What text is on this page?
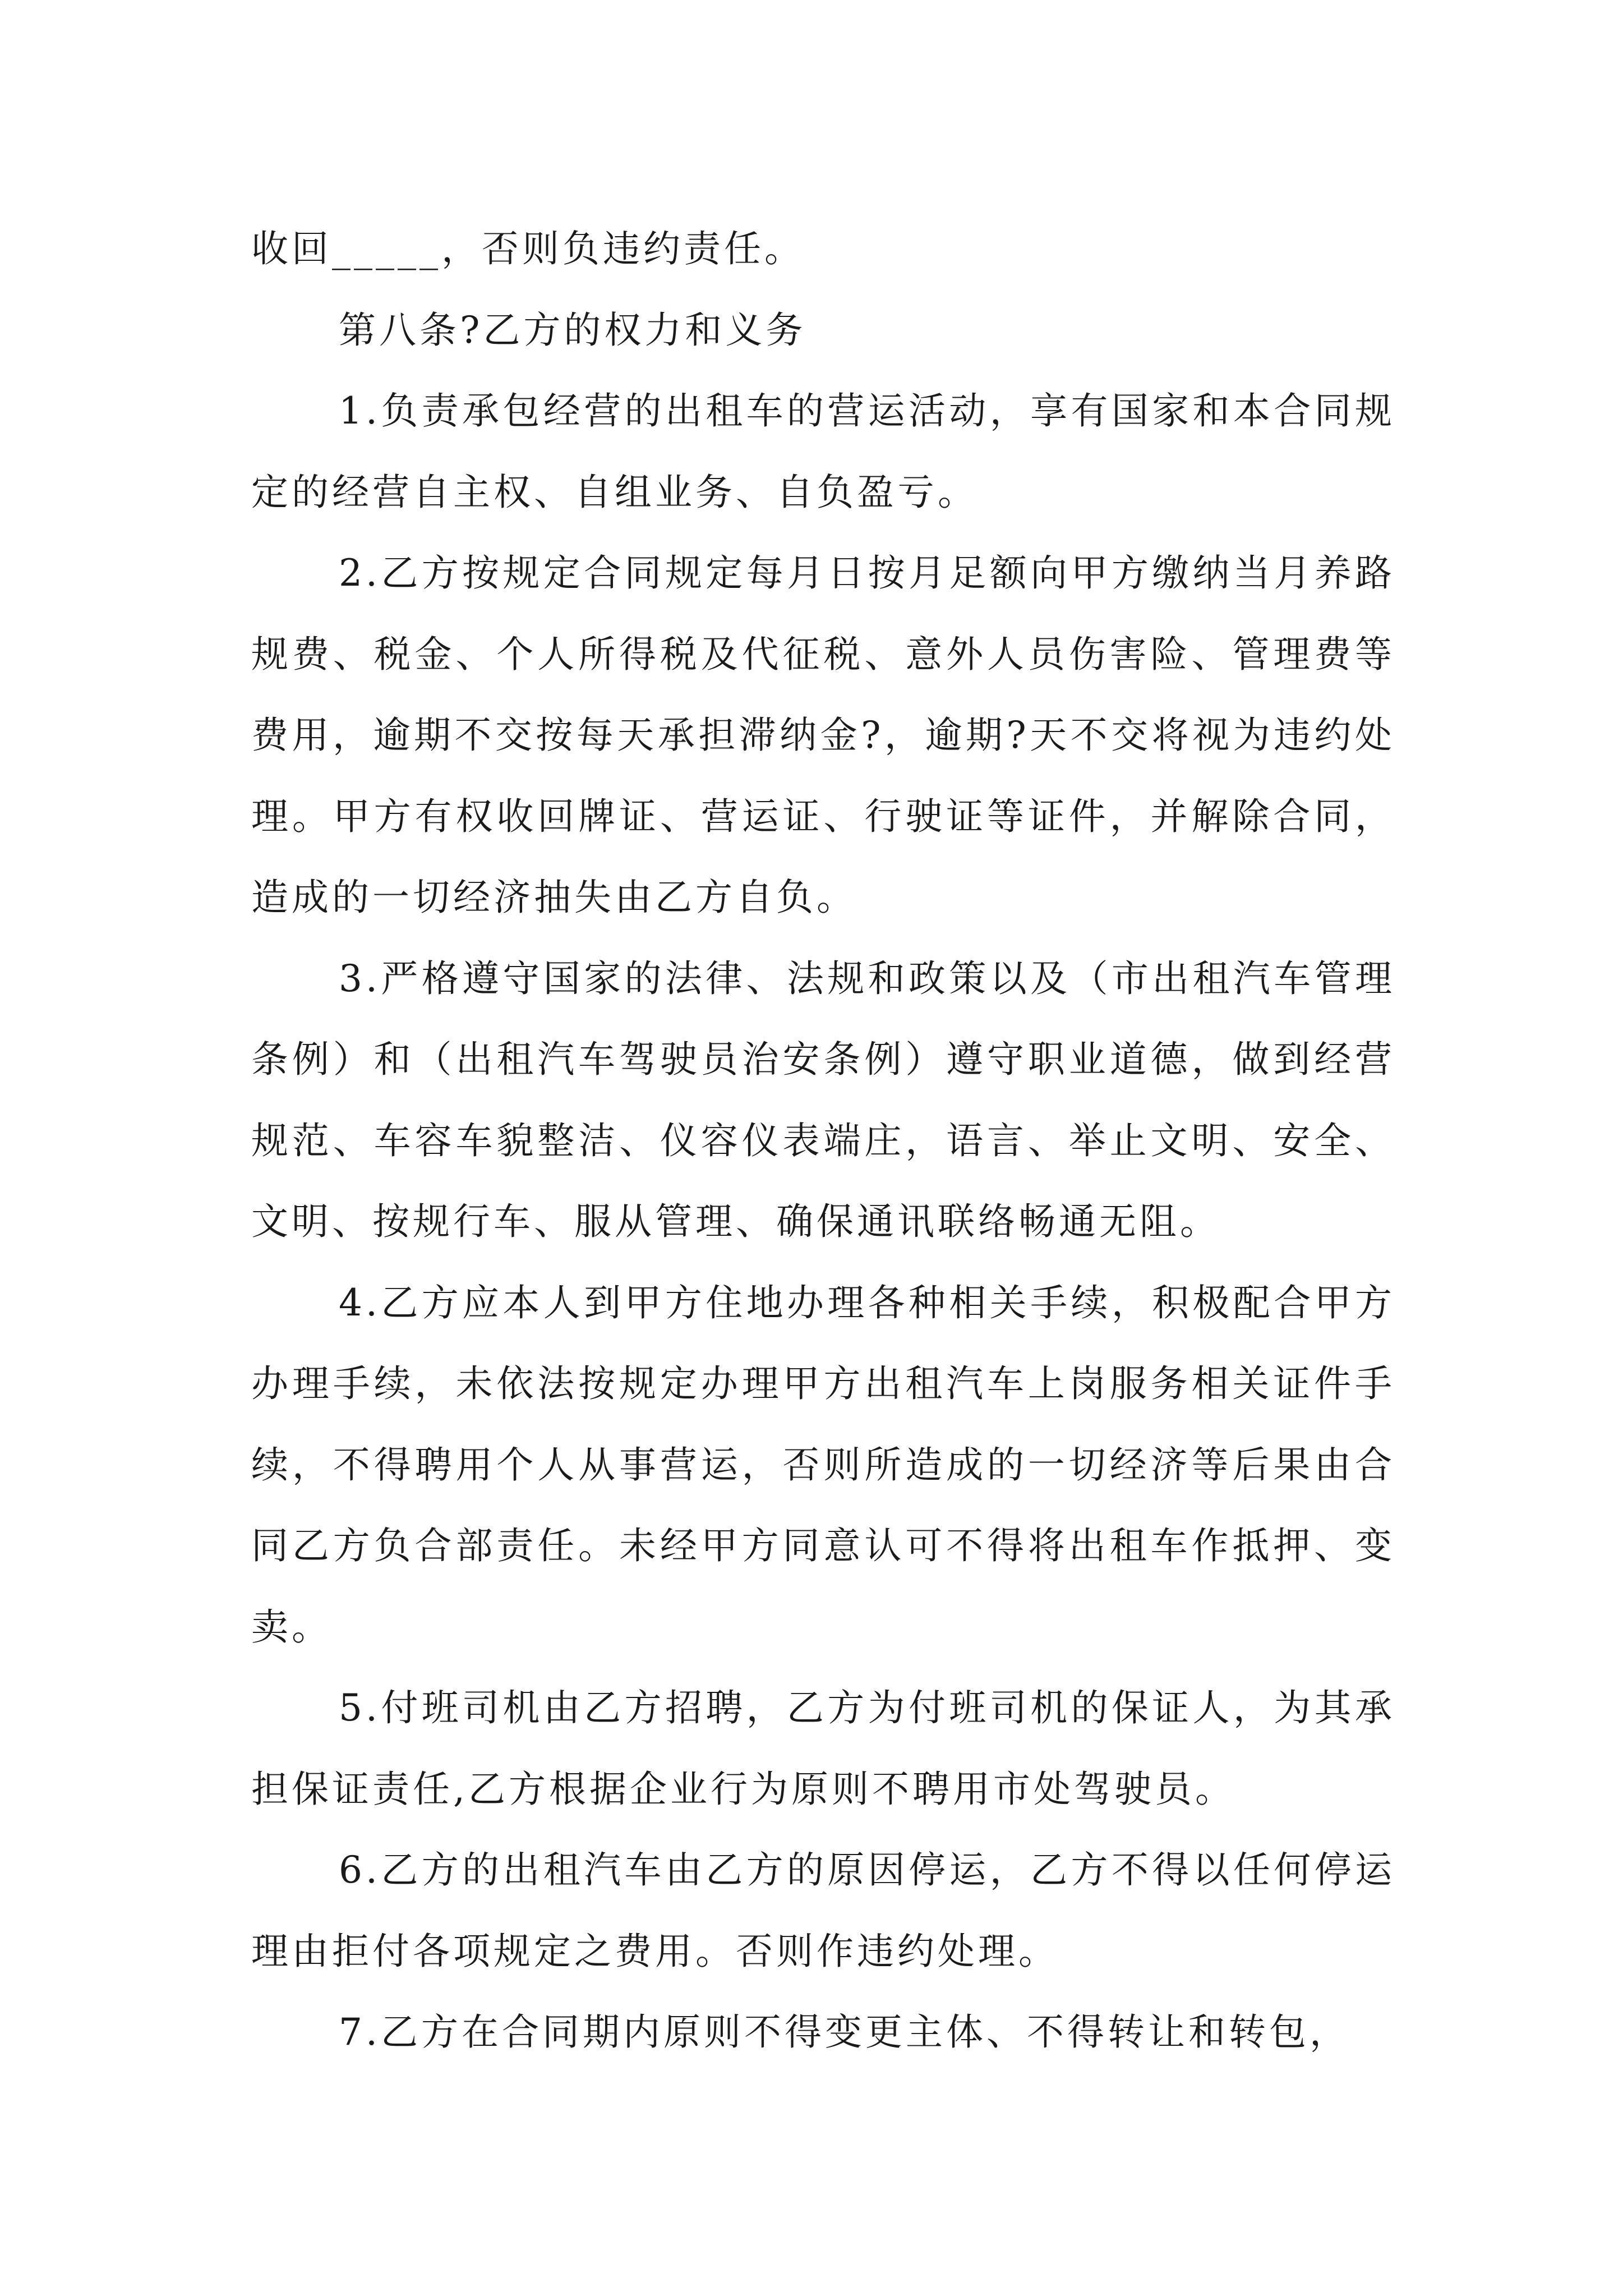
收回_____，否则负违约责任。

第八条?乙方的权力和义务

1.负责承包经营的出租车的营运活动，享有国家和本合同规定的经营自主权、自组业务、自负盈亏。

2.乙方按规定合同规定每月日按月足额向甲方缴纳当月养路规费、税金、个人所得税及代征税、意外人员伤害险、管理费等费用，逾期不交按每天承担滞纳金?，逾期?天不交将视为违约处理。甲方有权收回牌证、营运证、行驶证等证件，并解除合同，造成的一切经济抽失由乙方自负。

3.严格遵守国家的法律、法规和政策以及（市出租汽车管理条例）和（出租汽车驾驶员治安条例）遵守职业道德，做到经营规范、车容车貌整洁、仪容仪表端庄，语言、举止文明、安全、文明、按规行车、服从管理、确保通讯联络畅通无阻。

4.乙方应本人到甲方住地办理各种相关手续，积极配合甲方办理手续，未依法按规定办理甲方出租汽车上岗服务相关证件手续，不得聘用个人从事营运，否则所造成的一切经济等后果由合同乙方负合部责任。未经甲方同意认可不得将出租车作抵押、变卖。

5.付班司机由乙方招聘，乙方为付班司机的保证人，为其承担保证责任,乙方根据企业行为原则不聘用市处驾驶员。

6.乙方的出租汽车由乙方的原因停运，乙方不得以任何停运理由拒付各项规定之费用。否则作违约处理。

7.乙方在合同期内原则不得变更主体、不得转让和转包，
